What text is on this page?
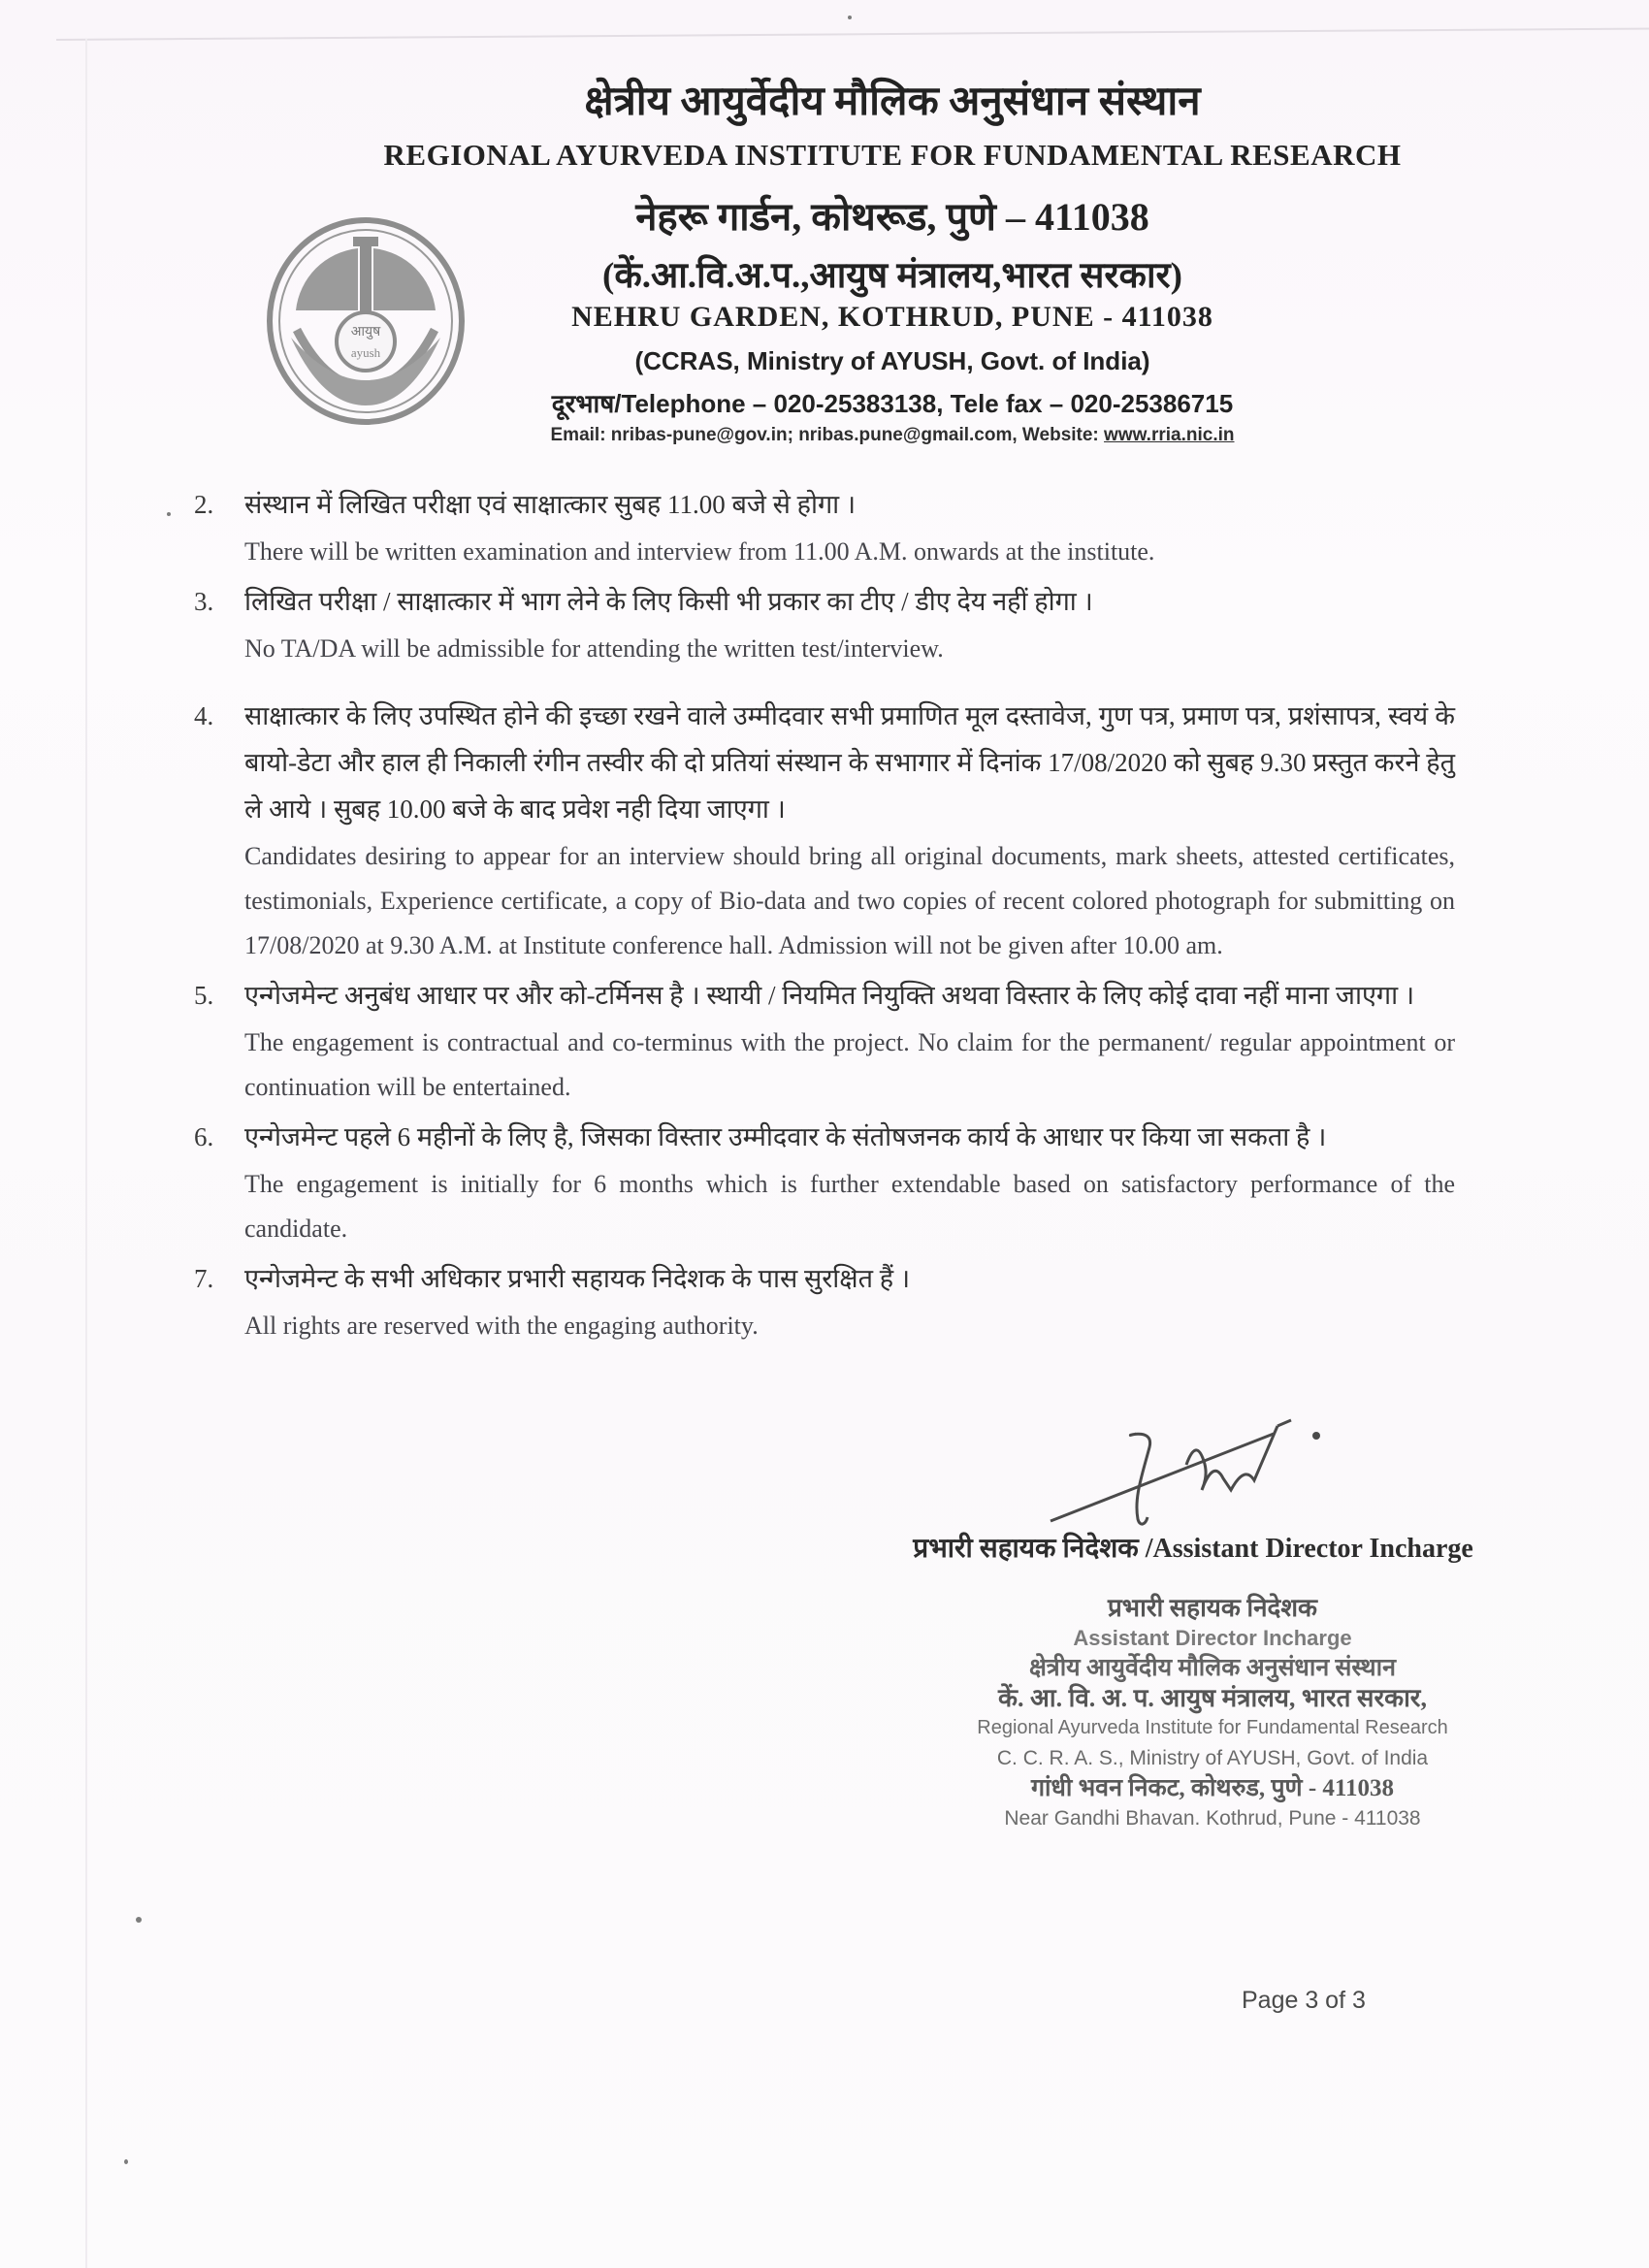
क्षेत्रीय आयुर्वेदीय मौलिक अनुसंधान संस्थान
REGIONAL AYURVEDA INSTITUTE FOR FUNDAMENTAL RESEARCH
नेहरू गार्डन, कोथरूड, पुणे – 411038
(कें.आ.वि.अ.प.,आयुष मंत्रालय,भारत सरकार)
NEHRU GARDEN, KOTHRUD, PUNE - 411038
(CCRAS, Ministry of AYUSH, Govt. of India)
दूरभाष/Telephone – 020-25383138, Tele fax – 020-25386715
Email: nribas-pune@gov.in; nribas.pune@gmail.com, Website: www.rria.nic.in
आयुष
ayush
2.	संस्थान में लिखित परीक्षा एवं साक्षात्कार सुबह 11.00 बजे से होगा ।
There will be written examination and interview from 11.00 A.M. onwards at the institute.
3.	लिखित परीक्षा / साक्षात्कार में भाग लेने के लिए किसी भी प्रकार का टीए / डीए देय नहीं होगा ।
No TA/DA will be admissible for attending the written test/interview.
4.	साक्षात्कार के लिए उपस्थित होने की इच्छा रखने वाले उम्मीदवार सभी प्रमाणित मूल दस्तावेज, गुण पत्र, प्रमाण पत्र, प्रशंसापत्र, स्वयं के बायो-डेटा और हाल ही निकाली रंगीन तस्वीर की दो प्रतियां संस्थान के सभागार में दिनांक 17/08/2020 को सुबह 9.30 प्रस्तुत करने हेतु ले आये । सुबह 10.00 बजे के बाद प्रवेश नही दिया जाएगा ।
Candidates desiring to appear for an interview should bring all original documents, mark sheets, attested certificates, testimonials, Experience certificate, a copy of Bio-data and two copies of recent colored photograph for submitting on 17/08/2020 at 9.30 A.M. at Institute conference hall. Admission will not be given after 10.00 am.
5.	एन्गेजमेन्ट अनुबंध आधार पर और को-टर्मिनस है । स्थायी / नियमित नियुक्ति अथवा विस्तार के लिए कोई दावा नहीं माना जाएगा ।
The engagement is contractual and co-terminus with the project. No claim for the permanent/ regular appointment or continuation will be entertained.
6.	एन्गेजमेन्ट पहले 6 महीनों के लिए है, जिसका विस्तार उम्मीदवार के संतोषजनक कार्य के आधार पर किया जा सकता है ।
The engagement is initially for 6 months which is further extendable based on satisfactory performance of the candidate.
7.	एन्गेजमेन्ट के सभी अधिकार प्रभारी सहायक निदेशक के पास सुरक्षित हैं ।
All rights are reserved with the engaging authority.
प्रभारी सहायक निदेशक /Assistant Director Incharge
प्रभारी सहायक निदेशक
Assistant Director Incharge
क्षेत्रीय आयुर्वेदीय मौलिक अनुसंधान संस्थान
कें. आ. वि. अ. प. आयुष मंत्रालय, भारत सरकार,
Regional Ayurveda Institute for Fundamental Research
C. C. R. A. S., Ministry of AYUSH, Govt. of India
गांधी भवन निकट, कोथरुड, पुणे - 411038
Near Gandhi Bhavan. Kothrud, Pune - 411038
Page 3 of 3
